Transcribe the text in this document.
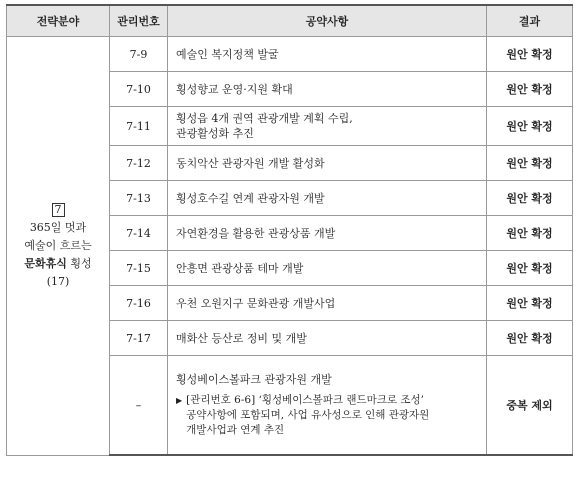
전략분야	관리번호	공약사항	결과
7
365일 멋과
예술이 흐르는
문화휴식 횡성
(17)	7-9	예술인 복지정책 발굴	원안 확정
	7-10	횡성향교 운영·지원 확대	원안 확정
	7-11	횡성읍 4개 권역 관광개발 계획 수립,
관광활성화 추진	원안 확정
	7-12	동치악산 관광자원 개발 활성화	원안 확정
	7-13	횡성호수길 연계 관광자원 개발	원안 확정
	7-14	자연환경을 활용한 관광상품 개발	원안 확정
	7-15	안흥면 관광상품 테마 개발	원안 확정
	7-16	우천 오원지구 문화관광 개발사업	원안 확정
	7-17	매화산 등산로 정비 및 개발	원안 확정
	–	횡성베이스볼파크 관광자원 개발
▶ [관리번호 6-6] ‘횡성베이스볼파크 랜드마크로 조성’
공약사항에 포함되며, 사업 유사성으로 인해 관광자원
개발사업과 연계 추진	중복 제외
